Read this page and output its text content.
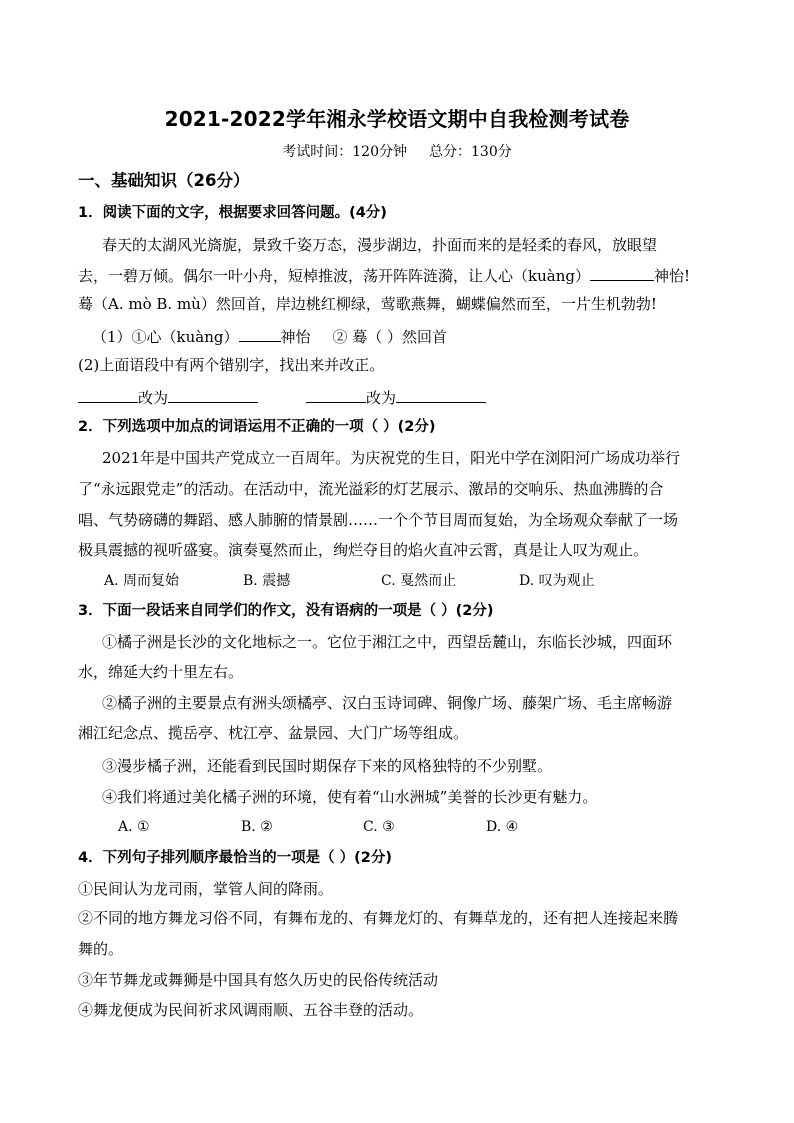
2021-2022学年湘永学校语文期中自我检测考试卷
考试时间：120分钟 总分：130分
一、基础知识（26分）
1．阅读下面的文字，根据要求回答问题。(4分)
春天的太湖风光旖旎，景致千姿万态，漫步湖边，扑面而来的是轻柔的春风，放眼望
去，一碧万倾。偶尔一叶小舟，短棹推波，荡开阵阵涟漪，让人心（kuàng）	神怡!
蓦（A. mò B. mù）然回首，岸边桃红柳绿，莺歌燕舞，蝴蝶偏然而至，一片生机勃勃!
（1）①心（kuàng）	神怡 ② 蓦（ ）然回首
(2)上面语段中有两个错别字，找出来并改正。
改为	改为
2．下列选项中加点的词语运用不正确的一项（ ）(2分)
2021年是中国共产党成立一百周年。为庆祝党的生日，阳光中学在浏阳河广场成功举行
了“永远跟党走”的活动。在活动中，流光溢彩的灯艺展示、激昂的交响乐、热血沸腾的合
唱、气势磅礴的舞蹈、感人肺腑的情景剧……一个个节目周而复始，为全场观众奉献了一场
极具震撼的视听盛宴。演奏戛然而止，绚烂夺目的焰火直冲云霄，真是让人叹为观止。
A. 周而复始	B. 震撼	C. 戛然而止	D. 叹为观止
3．下面一段话来自同学们的作文，没有语病的一项是（ ）(2分)
①橘子洲是长沙的文化地标之一。它位于湘江之中，西望岳麓山，东临长沙城，四面环
水，绵延大约十里左右。
②橘子洲的主要景点有洲头颂橘亭、汉白玉诗词碑、铜像广场、藤架广场、毛主席畅游
湘江纪念点、揽岳亭、枕江亭、盆景园、大门广场等组成。
③漫步橘子洲，还能看到民国时期保存下来的风格独特的不少别墅。
④我们将通过美化橘子洲的环境，使有着“山水洲城”美誉的长沙更有魅力。
A. ①	B. ②	C. ③	D. ④
4．下列句子排列顺序最恰当的一项是（ ）(2分)
①民间认为龙司雨，掌管人间的降雨。
②不同的地方舞龙习俗不同，有舞布龙的、有舞龙灯的、有舞草龙的，还有把人连接起来腾
舞的。
③年节舞龙或舞狮是中国具有悠久历史的民俗传统活动
④舞龙便成为民间祈求风调雨顺、五谷丰登的活动。
